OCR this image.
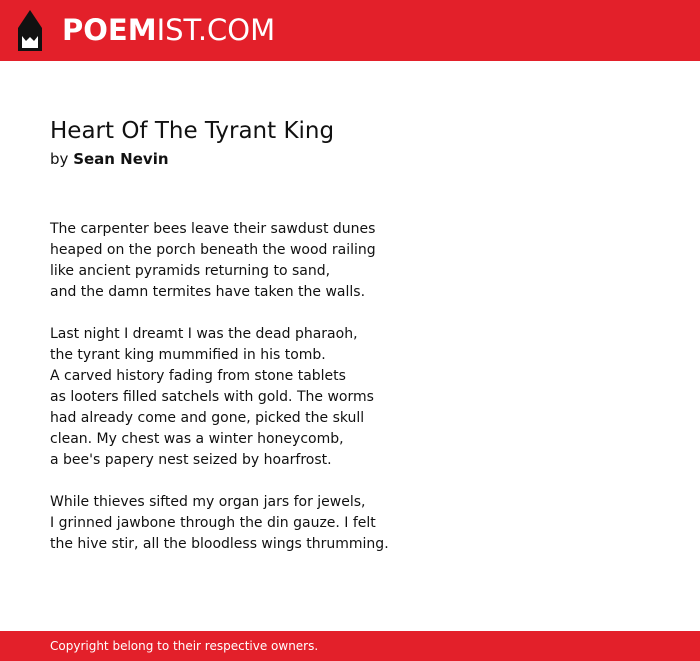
POEMIST.COM
Heart Of The Tyrant King
by Sean Nevin
The carpenter bees leave their sawdust dunes
heaped on the porch beneath the wood railing
like ancient pyramids returning to sand,
and the damn termites have taken the walls.
Last night I dreamt I was the dead pharaoh,
the tyrant king mummified in his tomb.
A carved history fading from stone tablets
as looters filled satchels with gold. The worms
had already come and gone, picked the skull
clean. My chest was a winter honeycomb,
a bee's papery nest seized by hoarfrost.
While thieves sifted my organ jars for jewels,
I grinned jawbone through the din gauze. I felt
the hive stir, all the bloodless wings thrumming.
Copyright belong to their respective owners.
